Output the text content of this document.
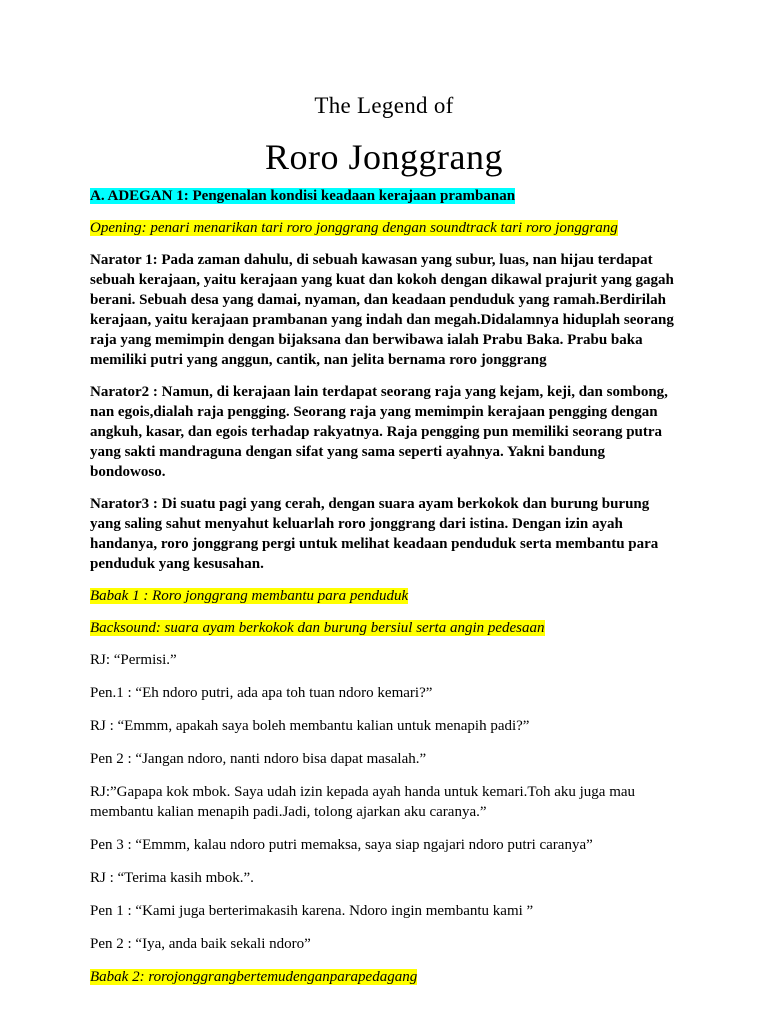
The Legend of
Roro Jonggrang

A. ADEGAN 1: Pengenalan kondisi keadaan kerajaan prambanan

Opening: penari menarikan tari roro jonggrang dengan soundtrack tari roro jonggrang

Narator 1: Pada zaman dahulu, di sebuah kawasan yang subur, luas, nan hijau terdapat
sebuah kerajaan, yaitu kerajaan yang kuat dan kokoh dengan dikawal prajurit yang gagah
berani. Sebuah desa yang damai, nyaman, dan keadaan penduduk yang ramah.Berdirilah
kerajaan, yaitu kerajaan prambanan yang indah dan megah.Didalamnya hiduplah seorang
raja yang memimpin dengan bijaksana dan berwibawa ialah Prabu Baka. Prabu baka
memiliki putri yang anggun, cantik, nan jelita bernama roro jonggrang

Narator2 : Namun, di kerajaan lain terdapat seorang raja yang kejam, keji, dan sombong,
nan egois,dialah raja pengging. Seorang raja yang memimpin kerajaan pengging dengan
angkuh, kasar, dan egois terhadap rakyatnya. Raja pengging pun memiliki seorang putra
yang sakti mandraguna dengan sifat yang sama seperti ayahnya. Yakni bandung
bondowoso.

Narator3 : Di suatu pagi yang cerah, dengan suara ayam berkokok dan burung burung
yang saling sahut menyahut keluarlah roro jonggrang dari istina. Dengan izin ayah
handanya, roro jonggrang pergi untuk melihat keadaan penduduk serta membantu para
penduduk yang kesusahan.

Babak 1 : Roro jonggrang membantu para penduduk

Backsound: suara ayam berkokok dan burung bersiul serta angin pedesaan

RJ: “Permisi.”

Pen.1 : “Eh ndoro putri, ada apa toh tuan ndoro kemari?”

RJ : “Emmm, apakah saya boleh membantu kalian untuk menapih padi?”

Pen 2 : “Jangan ndoro, nanti ndoro bisa dapat masalah.”

RJ:”Gapapa kok mbok. Saya udah izin kepada ayah handa untuk kemari.Toh aku juga mau
membantu kalian menapih padi.Jadi, tolong ajarkan aku caranya.”

Pen 3 : “Emmm, kalau ndoro putri memaksa, saya siap ngajari ndoro putri caranya”

RJ : “Terima kasih mbok.”.

Pen 1 : “Kami juga berterimakasih karena. Ndoro ingin membantu kami ”

Pen 2 : “Iya, anda baik sekali ndoro”

Babak 2: rorojonggrangbertemudenganparapedagang
